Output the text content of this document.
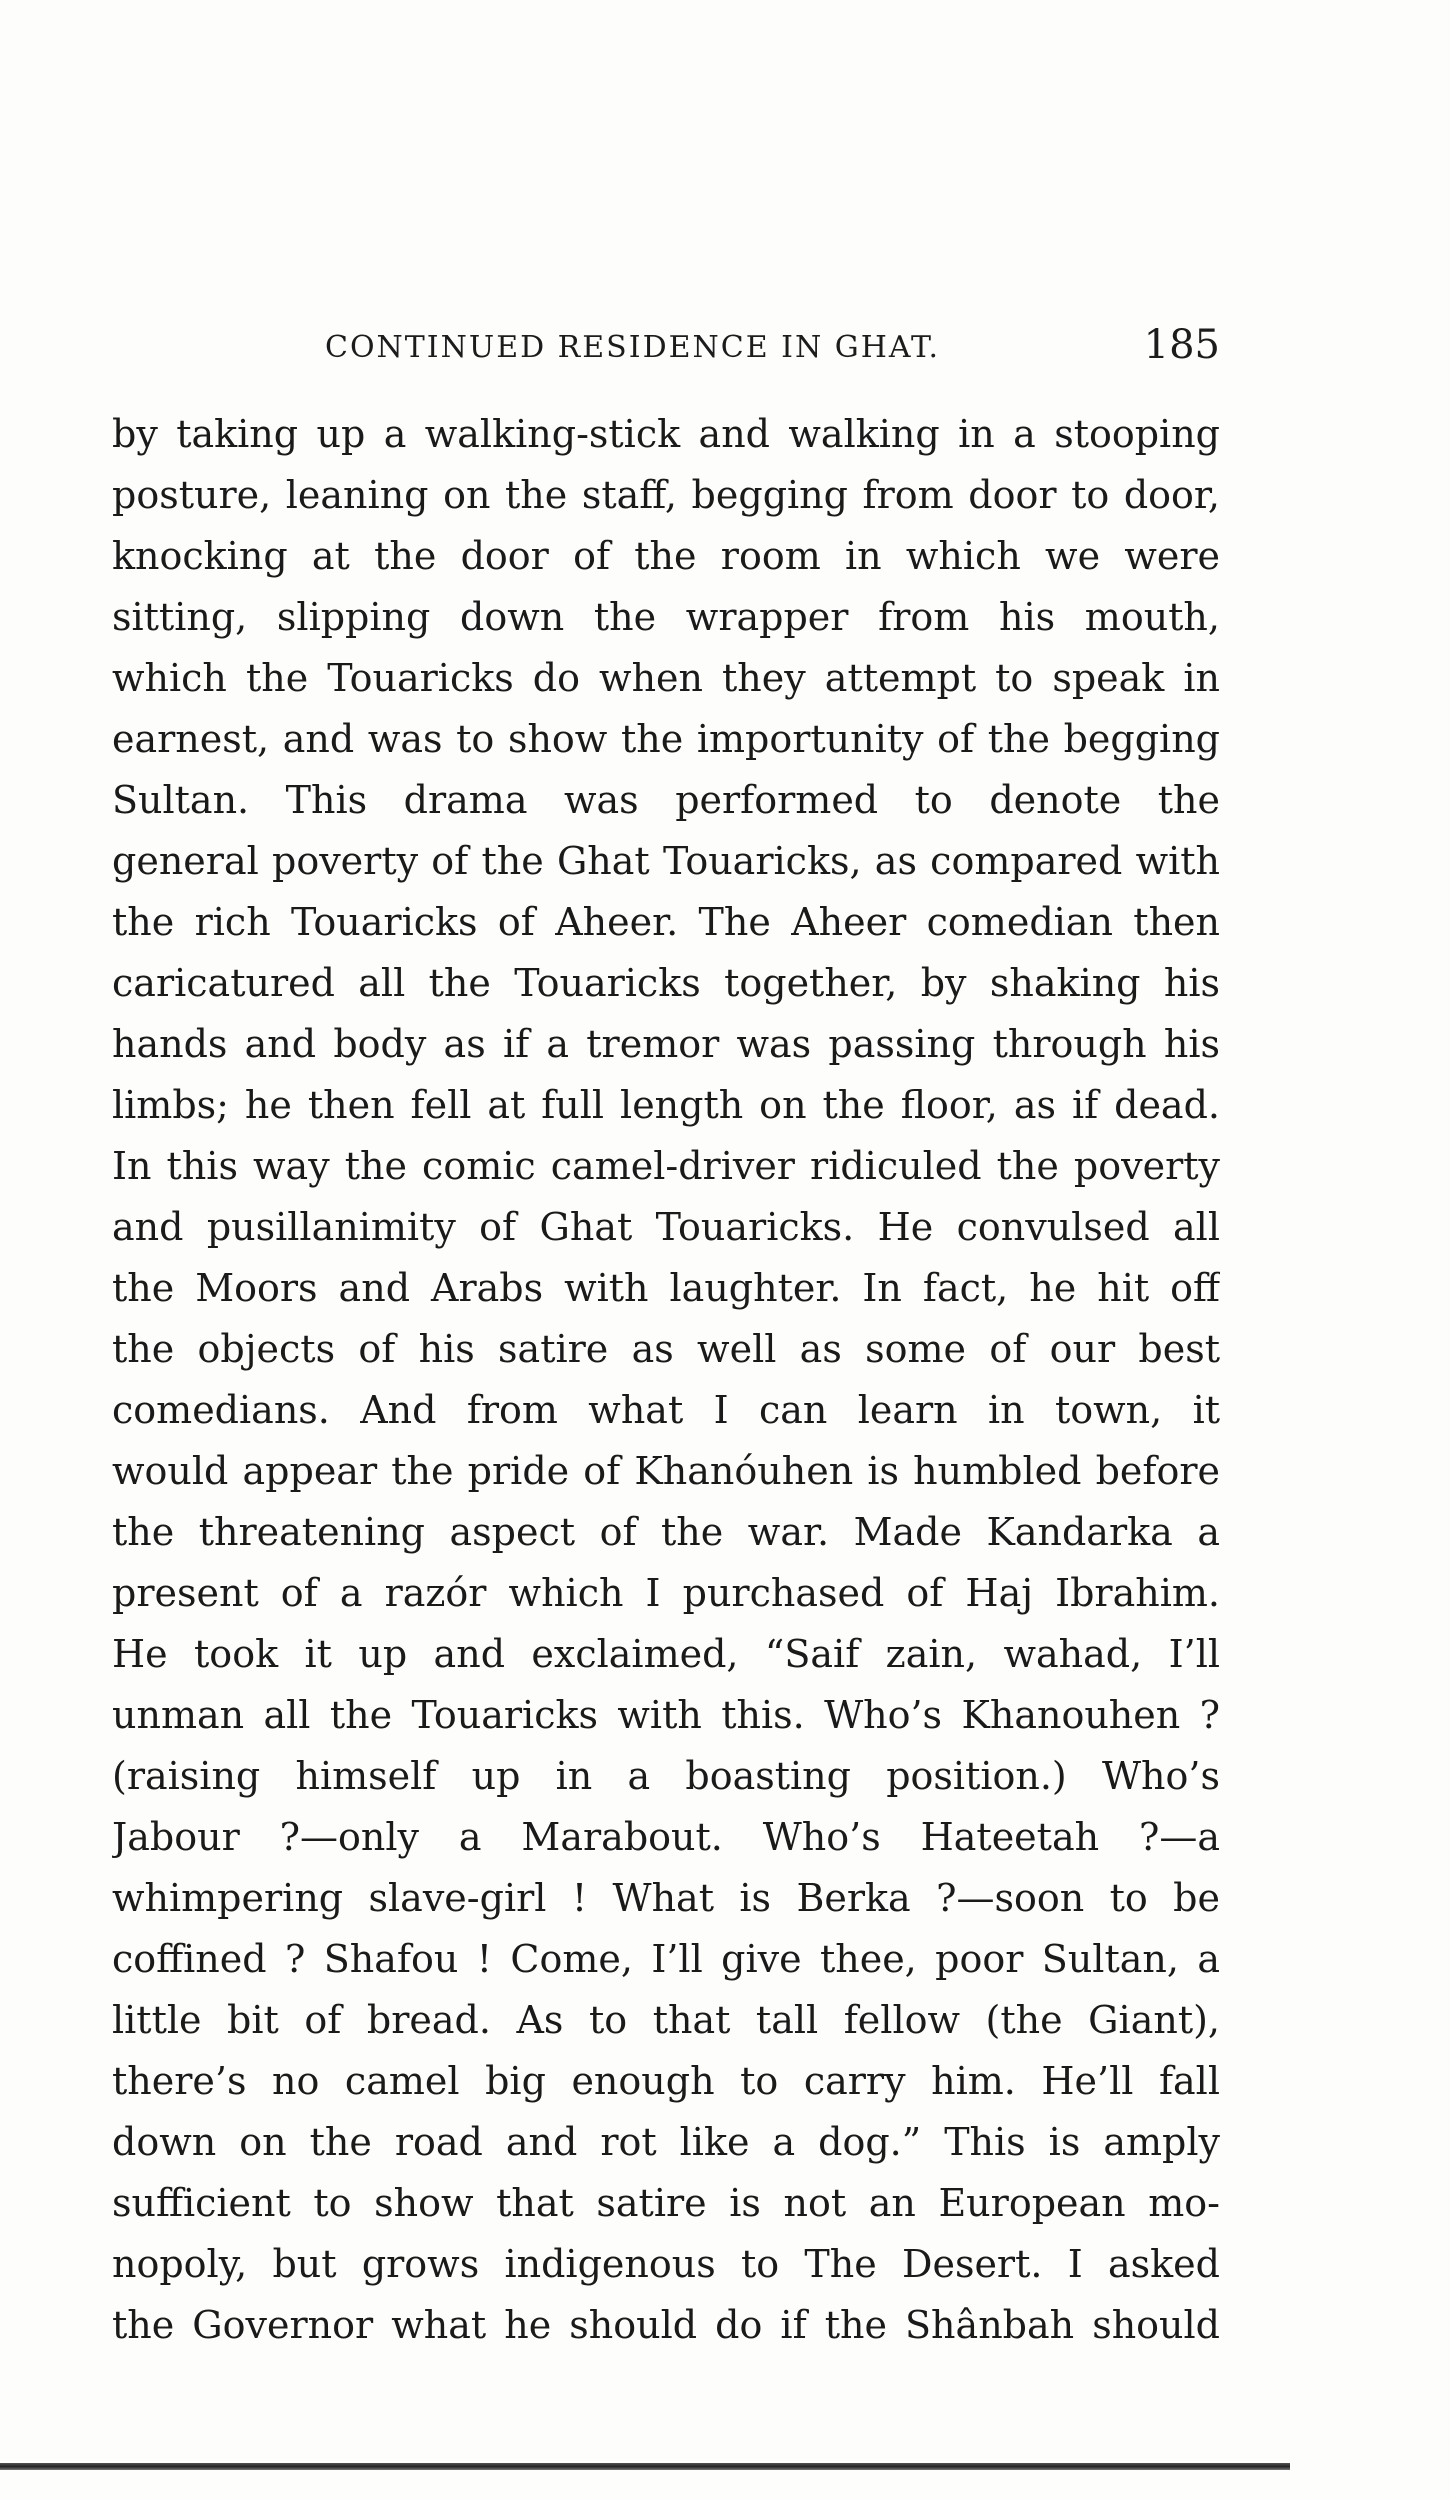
CONTINUED RESIDENCE IN GHAT.	185
by taking up a walking-stick and walking in a stooping
posture, leaning on the staff, begging from door to door,
knocking at the door of the room in which we were
sitting, slipping down the wrapper from his mouth,
which the Touaricks do when they attempt to speak in
earnest, and was to show the importunity of the begging
Sultan. This drama was performed to denote the
general poverty of the Ghat Touaricks, as compared with
the rich Touaricks of Aheer. The Aheer comedian then
caricatured all the Touaricks together, by shaking his
hands and body as if a tremor was passing through his
limbs; he then fell at full length on the floor, as if dead.
In this way the comic camel-driver ridiculed the poverty
and pusillanimity of Ghat Touaricks. He convulsed all
the Moors and Arabs with laughter. In fact, he hit off
the objects of his satire as well as some of our best
comedians. And from what I can learn in town, it
would appear the pride of Khanóuhen is humbled before
the threatening aspect of the war. Made Kandarka a
present of a razór which I purchased of Haj Ibrahim.
He took it up and exclaimed, “Saif zain, wahad, I’ll
unman all the Touaricks with this. Who’s Khanouhen ?
(raising himself up in a boasting position.) Who’s
Jabour ?—only a Marabout. Who’s Hateetah ?—a
whimpering slave-girl ! What is Berka ?—soon to be
coffined ? Shafou ! Come, I’ll give thee, poor Sultan, a
little bit of bread. As to that tall fellow (the Giant),
there’s no camel big enough to carry him. He’ll fall
down on the road and rot like a dog.” This is amply
sufficient to show that satire is not an European mo-
nopoly, but grows indigenous to The Desert. I asked
the Governor what he should do if the Shânbah should
